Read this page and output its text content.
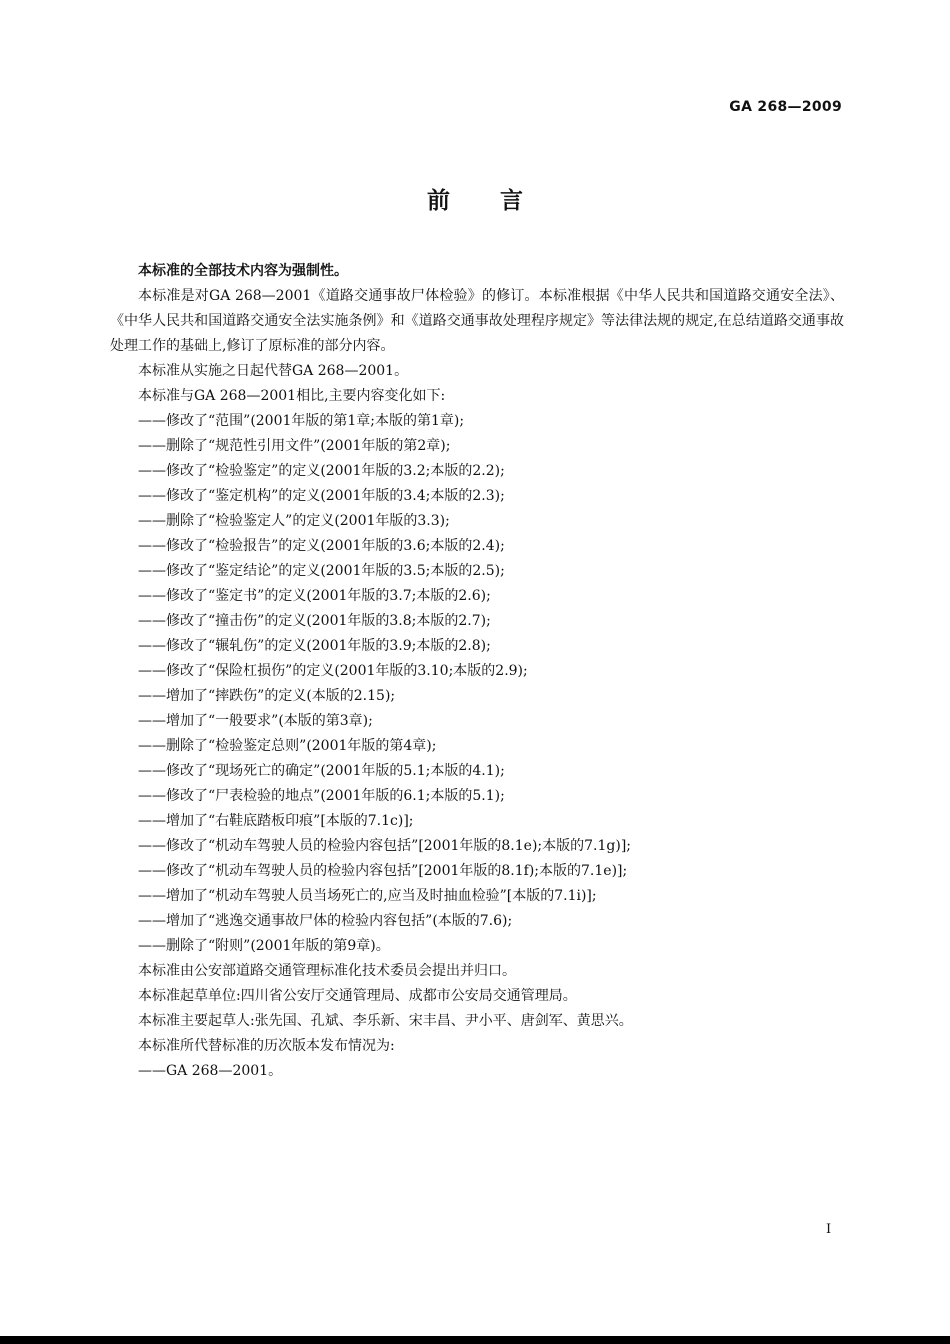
GA 268—2009
前言

本标准的全部技术内容为强制性。

本标准是对GA 268—2001《道路交通事故尸体检验》的修订。本标准根据《中华人民共和国道路交通安全法》、《中华人民共和国道路交通安全法实施条例》和《道路交通事故处理程序规定》等法律法规的规定,在总结道路交通事故处理工作的基础上,修订了原标准的部分内容。

本标准从实施之日起代替GA 268—2001。

本标准与GA 268—2001相比,主要内容变化如下:

——修改了“范围”(2001年版的第1章;本版的第1章);
——删除了“规范性引用文件”(2001年版的第2章);
——修改了“检验鉴定”的定义(2001年版的3.2;本版的2.2);
——修改了“鉴定机构”的定义(2001年版的3.4;本版的2.3);
——删除了“检验鉴定人”的定义(2001年版的3.3);
——修改了“检验报告”的定义(2001年版的3.6;本版的2.4);
——修改了“鉴定结论”的定义(2001年版的3.5;本版的2.5);
——修改了“鉴定书”的定义(2001年版的3.7;本版的2.6);
——修改了“撞击伤”的定义(2001年版的3.8;本版的2.7);
——修改了“辗轧伤”的定义(2001年版的3.9;本版的2.8);
——修改了“保险杠损伤”的定义(2001年版的3.10;本版的2.9);
——增加了“摔跌伤”的定义(本版的2.15);
——增加了“一般要求”(本版的第3章);
——删除了“检验鉴定总则”(2001年版的第4章);
——修改了“现场死亡的确定”(2001年版的5.1;本版的4.1);
——修改了“尸表检验的地点”(2001年版的6.1;本版的5.1);
——增加了“右鞋底踏板印痕”[本版的7.1c)];
——修改了“机动车驾驶人员的检验内容包括”[2001年版的8.1e);本版的7.1g)];
——修改了“机动车驾驶人员的检验内容包括”[2001年版的8.1f);本版的7.1e)];
——增加了“机动车驾驶人员当场死亡的,应当及时抽血检验”[本版的7.1i)];
——增加了“逃逸交通事故尸体的检验内容包括”(本版的7.6);
——删除了“附则”(2001年版的第9章)。

本标准由公安部道路交通管理标准化技术委员会提出并归口。

本标准起草单位:四川省公安厅交通管理局、成都市公安局交通管理局。

本标准主要起草人:张先国、孔斌、李乐新、宋丰昌、尹小平、唐剑军、黄思兴。

本标准所代替标准的历次版本发布情况为:

——GA 268—2001。
I
